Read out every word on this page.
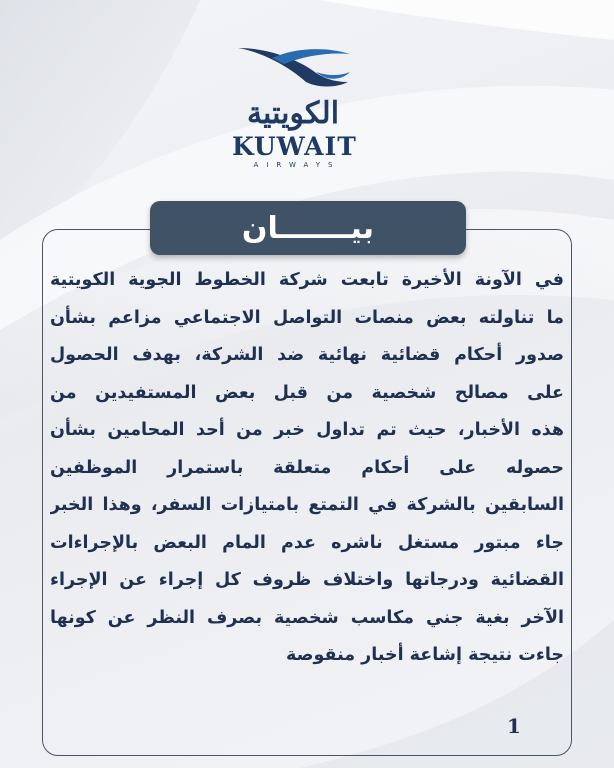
الكويتية
KUWAIT
AIRWAYS
بيـــــــان
في الآونة الأخيرة تابعت شركة الخطوط الجوية الكويتية
ما تناولته بعض منصات التواصل الاجتماعي مزاعم بشأن
صدور أحكام قضائية نهائية ضد الشركة، بهدف الحصول
على مصالح شخصية من قبل بعض المستفيدين من
هذه الأخبار، حيث تم تداول خبر من أحد المحامين بشأن
حصوله على أحكام متعلقة باستمرار الموظفين
السابقين بالشركة في التمتع بامتيازات السفر، وهذا الخبر
جاء مبتور مستغل ناشره عدم المام البعض بالإجراءات
القضائية ودرجاتها واختلاف ظروف كل إجراء عن الإجراء
الآخر بغية جني مكاسب شخصية بصرف النظر عن كونها
جاءت نتيجة إشاعة أخبار منقوصة
1
